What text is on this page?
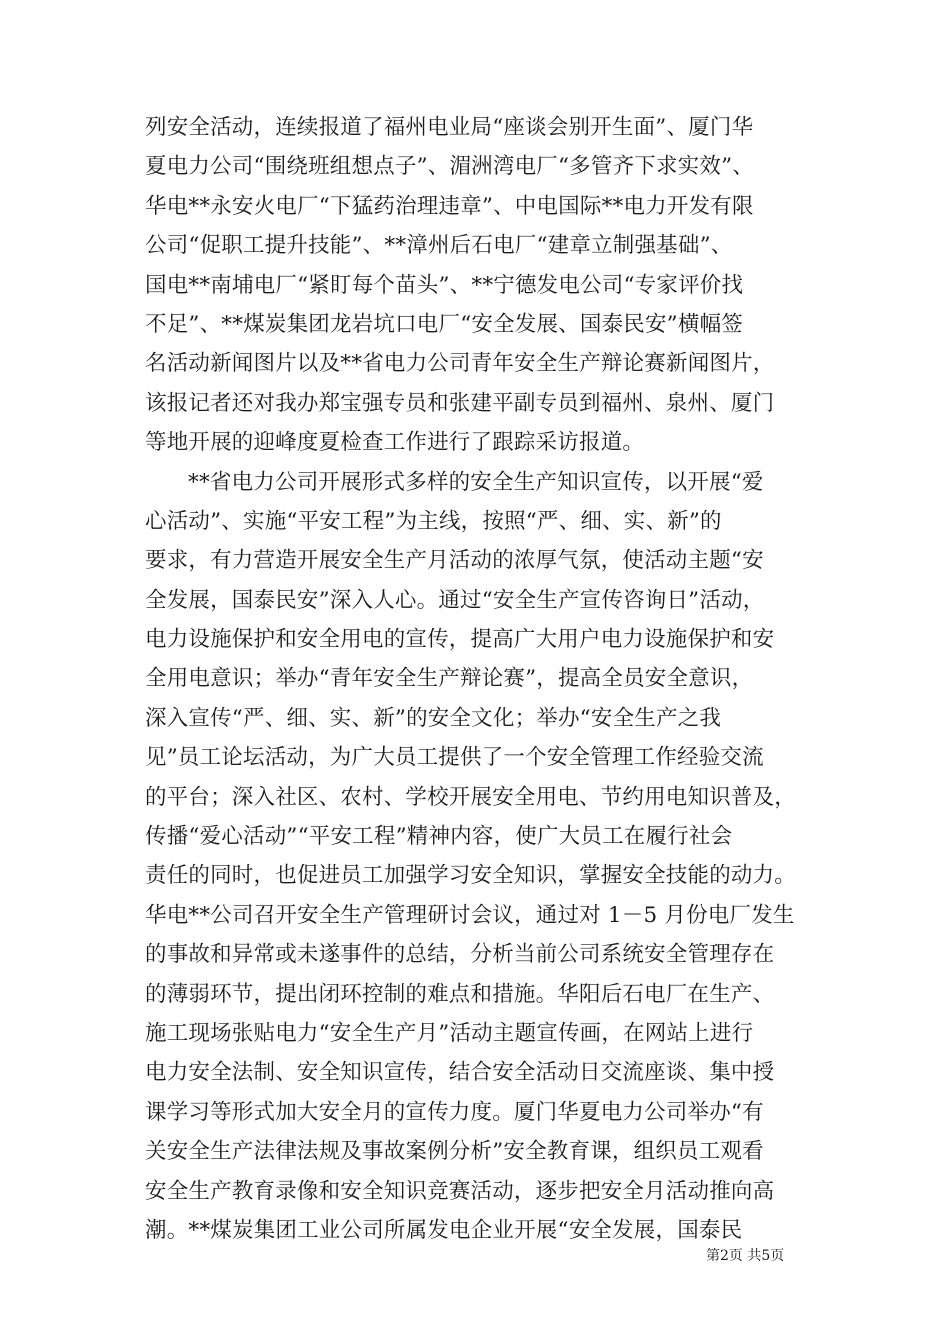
列安全活动，连续报道了福州电业局“座谈会别开生面”、厦门华
夏电力公司“围绕班组想点子”、湄洲湾电厂“多管齐下求实效”、
华电**永安火电厂“下猛药治理违章”、中电国际**电力开发有限
公司“促职工提升技能”、**漳州后石电厂“建章立制强基础”、
国电**南埔电厂“紧盯每个苗头”、**宁德发电公司“专家评价找
不足”、**煤炭集团龙岩坑口电厂“安全发展、国泰民安”横幅签
名活动新闻图片以及**省电力公司青年安全生产辩论赛新闻图片，
该报记者还对我办郑宝强专员和张建平副专员到福州、泉州、厦门
等地开展的迎峰度夏检查工作进行了跟踪采访报道。
**省电力公司开展形式多样的安全生产知识宣传，以开展“爱
心活动”、实施“平安工程”为主线，按照“严、细、实、新”的
要求，有力营造开展安全生产月活动的浓厚气氛，使活动主题“安
全发展，国泰民安”深入人心。通过“安全生产宣传咨询日”活动，
电力设施保护和安全用电的宣传，提高广大用户电力设施保护和安
全用电意识；举办“青年安全生产辩论赛”，提高全员安全意识，
深入宣传“严、细、实、新”的安全文化；举办“安全生产之我
见”员工论坛活动，为广大员工提供了一个安全管理工作经验交流
的平台；深入社区、农村、学校开展安全用电、节约用电知识普及，
传播“爱心活动”“平安工程”精神内容，使广大员工在履行社会
责任的同时，也促进员工加强学习安全知识，掌握安全技能的动力。
华电**公司召开安全生产管理研讨会议，通过对 1－5 月份电厂发生
的事故和异常或未遂事件的总结，分析当前公司系统安全管理存在
的薄弱环节，提出闭环控制的难点和措施。华阳后石电厂在生产、
施工现场张贴电力“安全生产月”活动主题宣传画，在网站上进行
电力安全法制、安全知识宣传，结合安全活动日交流座谈、集中授
课学习等形式加大安全月的宣传力度。厦门华夏电力公司举办“有
关安全生产法律法规及事故案例分析”安全教育课，组织员工观看
安全生产教育录像和安全知识竞赛活动，逐步把安全月活动推向高
潮。**煤炭集团工业公司所属发电企业开展“安全发展，国泰民
第2页 共5页
